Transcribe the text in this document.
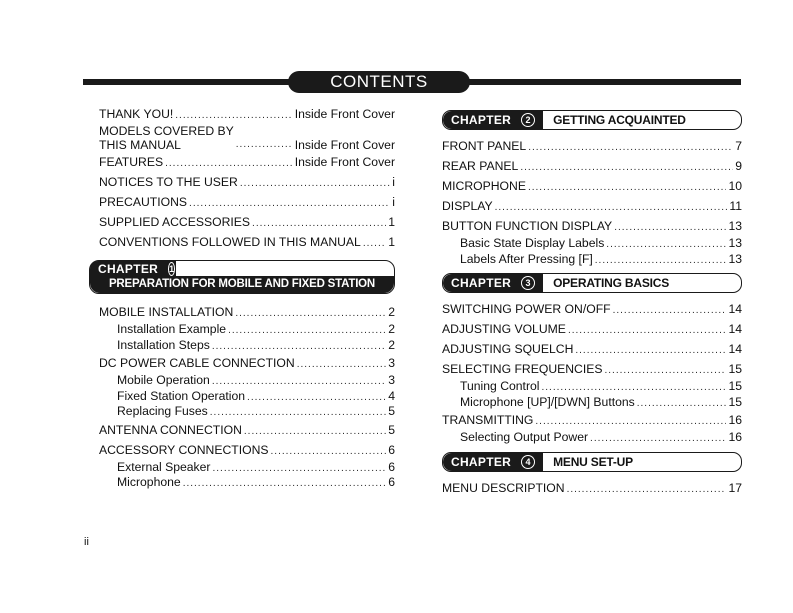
CONTENTS
THANK YOU! .....	Inside Front Cover
MODELS COVERED BY
THIS MANUAL .....	Inside Front Cover
FEATURES .....	Inside Front Cover
NOTICES TO THE USER .....	i
PRECAUTIONS .....	i
SUPPLIED ACCESSORIES .....	1
CONVENTIONS FOLLOWED IN THIS MANUAL ..... 1
CHAPTER 1
PREPARATION FOR MOBILE AND FIXED STATION OPERATION
MOBILE INSTALLATION .....	2
Installation Example .....	2
Installation Steps .....	2
DC POWER CABLE CONNECTION .....	3
Mobile Operation .....	3
Fixed Station Operation .....	4
Replacing Fuses .....	5
ANTENNA CONNECTION .....	5
ACCESSORY CONNECTIONS .....	6
External Speaker .....	6
Microphone .....	6
CHAPTER	2	GETTING ACQUAINTED
FRONT PANEL .....	7
REAR PANEL .....	9
MICROPHONE .....	10
DISPLAY .....	11
BUTTON FUNCTION DISPLAY .....	13
Basic State Display Labels .....	13
Labels After Pressing [F] .....	13
CHAPTER	3	OPERATING BASICS
SWITCHING POWER ON/OFF .....	14
ADJUSTING VOLUME .....	14
ADJUSTING SQUELCH .....	14
SELECTING FREQUENCIES .....	15
Tuning Control .....	15
Microphone [UP]/[DWN] Buttons .....	15
TRANSMITTING .....	16
Selecting Output Power .....	16
CHAPTER	4	MENU SET-UP
MENU DESCRIPTION .....	17
ii
